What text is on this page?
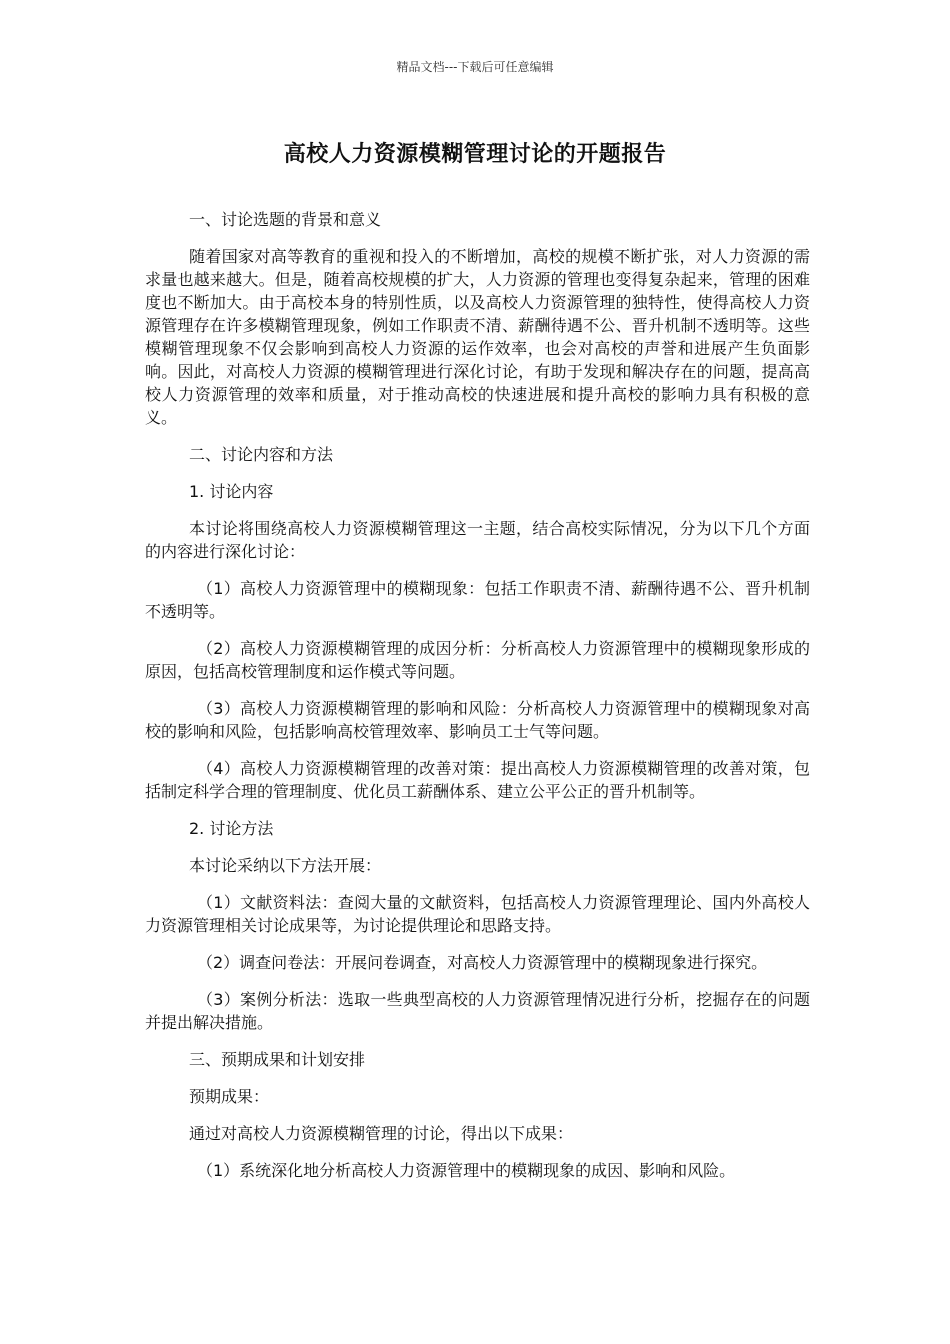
精品文档---下载后可任意编辑
高校人力资源模糊管理讨论的开题报告

一、讨论选题的背景和意义

随着国家对高等教育的重视和投入的不断增加，高校的规模不断扩张，对人力资源的需求量也越来越大。但是，随着高校规模的扩大，人力资源的管理也变得复杂起来，管理的困难度也不断加大。由于高校本身的特别性质，以及高校人力资源管理的独特性，使得高校人力资源管理存在许多模糊管理现象，例如工作职责不清、薪酬待遇不公、晋升机制不透明等。这些模糊管理现象不仅会影响到高校人力资源的运作效率，也会对高校的声誉和进展产生负面影响。因此，对高校人力资源的模糊管理进行深化讨论，有助于发现和解决存在的问题，提高高校人力资源管理的效率和质量，对于推动高校的快速进展和提升高校的影响力具有积极的意义。

二、讨论内容和方法

1. 讨论内容

本讨论将围绕高校人力资源模糊管理这一主题，结合高校实际情况，分为以下几个方面的内容进行深化讨论：

（1）高校人力资源管理中的模糊现象：包括工作职责不清、薪酬待遇不公、晋升机制不透明等。

（2）高校人力资源模糊管理的成因分析：分析高校人力资源管理中的模糊现象形成的原因，包括高校管理制度和运作模式等问题。

（3）高校人力资源模糊管理的影响和风险：分析高校人力资源管理中的模糊现象对高校的影响和风险，包括影响高校管理效率、影响员工士气等问题。

（4）高校人力资源模糊管理的改善对策：提出高校人力资源模糊管理的改善对策，包括制定科学合理的管理制度、优化员工薪酬体系、建立公平公正的晋升机制等。

2. 讨论方法

本讨论采纳以下方法开展：

（1）文献资料法：查阅大量的文献资料，包括高校人力资源管理理论、国内外高校人力资源管理相关讨论成果等，为讨论提供理论和思路支持。

（2）调查问卷法：开展问卷调查，对高校人力资源管理中的模糊现象进行探究。

（3）案例分析法：选取一些典型高校的人力资源管理情况进行分析，挖掘存在的问题并提出解决措施。

三、预期成果和计划安排

预期成果：

通过对高校人力资源模糊管理的讨论，得出以下成果：

（1）系统深化地分析高校人力资源管理中的模糊现象的成因、影响和风险。
